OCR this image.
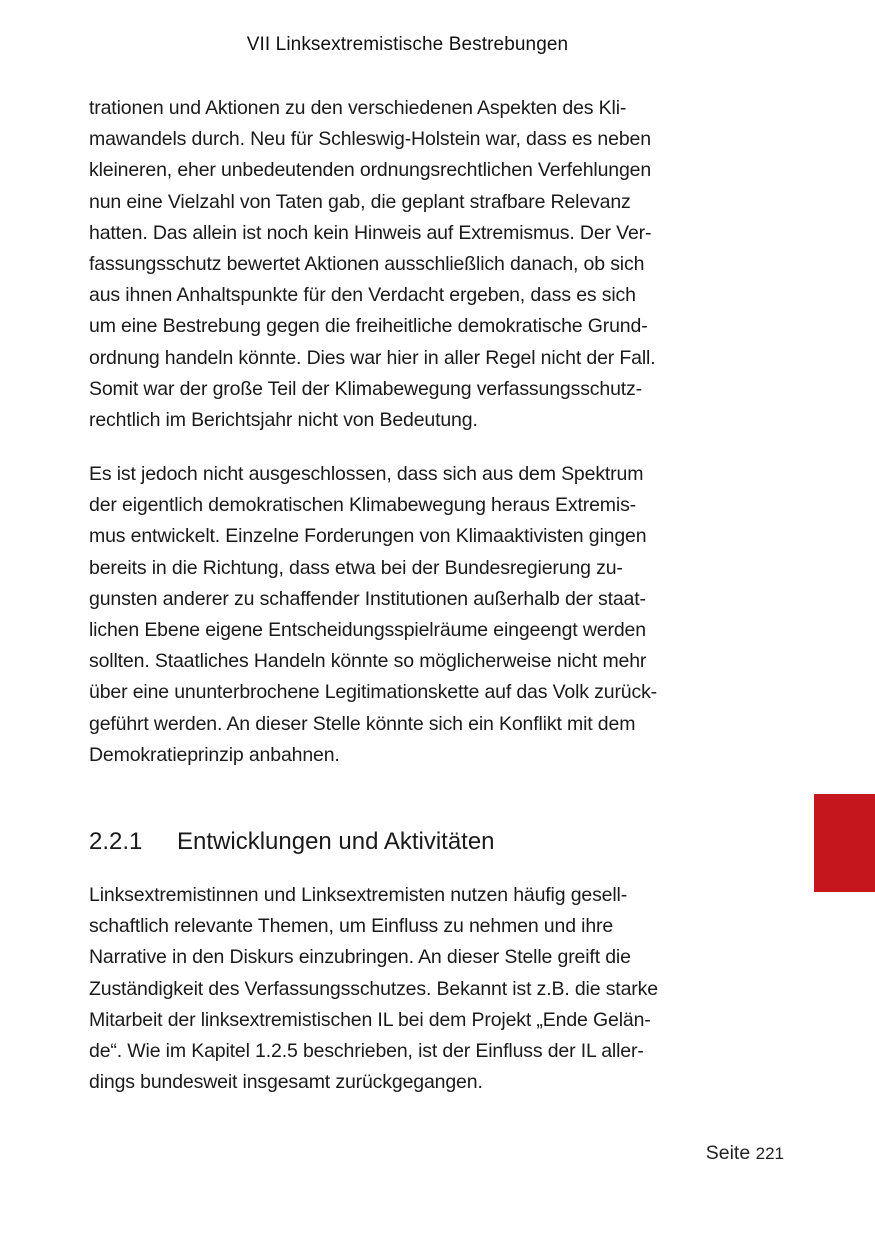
VII Linksextremistische Bestrebungen
trationen und Aktionen zu den verschiedenen Aspekten des Kli-
mawandels durch. Neu für Schleswig-Holstein war, dass es neben
kleineren, eher unbedeutenden ordnungsrechtlichen Verfehlungen
nun eine Vielzahl von Taten gab, die geplant strafbare Relevanz
hatten. Das allein ist noch kein Hinweis auf Extremismus. Der Ver-
fassungsschutz bewertet Aktionen ausschließlich danach, ob sich
aus ihnen Anhaltspunkte für den Verdacht ergeben, dass es sich
um eine Bestrebung gegen die freiheitliche demokratische Grund-
ordnung handeln könnte. Dies war hier in aller Regel nicht der Fall.
Somit war der große Teil der Klimabewegung verfassungsschutz-
rechtlich im Berichtsjahr nicht von Bedeutung.
Es ist jedoch nicht ausgeschlossen, dass sich aus dem Spektrum
der eigentlich demokratischen Klimabewegung heraus Extremis-
mus entwickelt. Einzelne Forderungen von Klimaaktivisten gingen
bereits in die Richtung, dass etwa bei der Bundesregierung zu-
gunsten anderer zu schaffender Institutionen außerhalb der staat-
lichen Ebene eigene Entscheidungsspielräume eingeengt werden
sollten. Staatliches Handeln könnte so möglicherweise nicht mehr
über eine ununterbrochene Legitimationskette auf das Volk zurück-
geführt werden. An dieser Stelle könnte sich ein Konflikt mit dem
Demokratieprinzip anbahnen.
2.2.1 Entwicklungen und Aktivitäten
Linksextremistinnen und Linksextremisten nutzen häufig gesell-
schaftlich relevante Themen, um Einfluss zu nehmen und ihre
Narrative in den Diskurs einzubringen. An dieser Stelle greift die
Zuständigkeit des Verfassungsschutzes. Bekannt ist z.B. die starke
Mitarbeit der linksextremistischen IL bei dem Projekt „Ende Gelän-
de“. Wie im Kapitel 1.2.5 beschrieben, ist der Einfluss der IL aller-
dings bundesweit insgesamt zurückgegangen.
Seite 221
